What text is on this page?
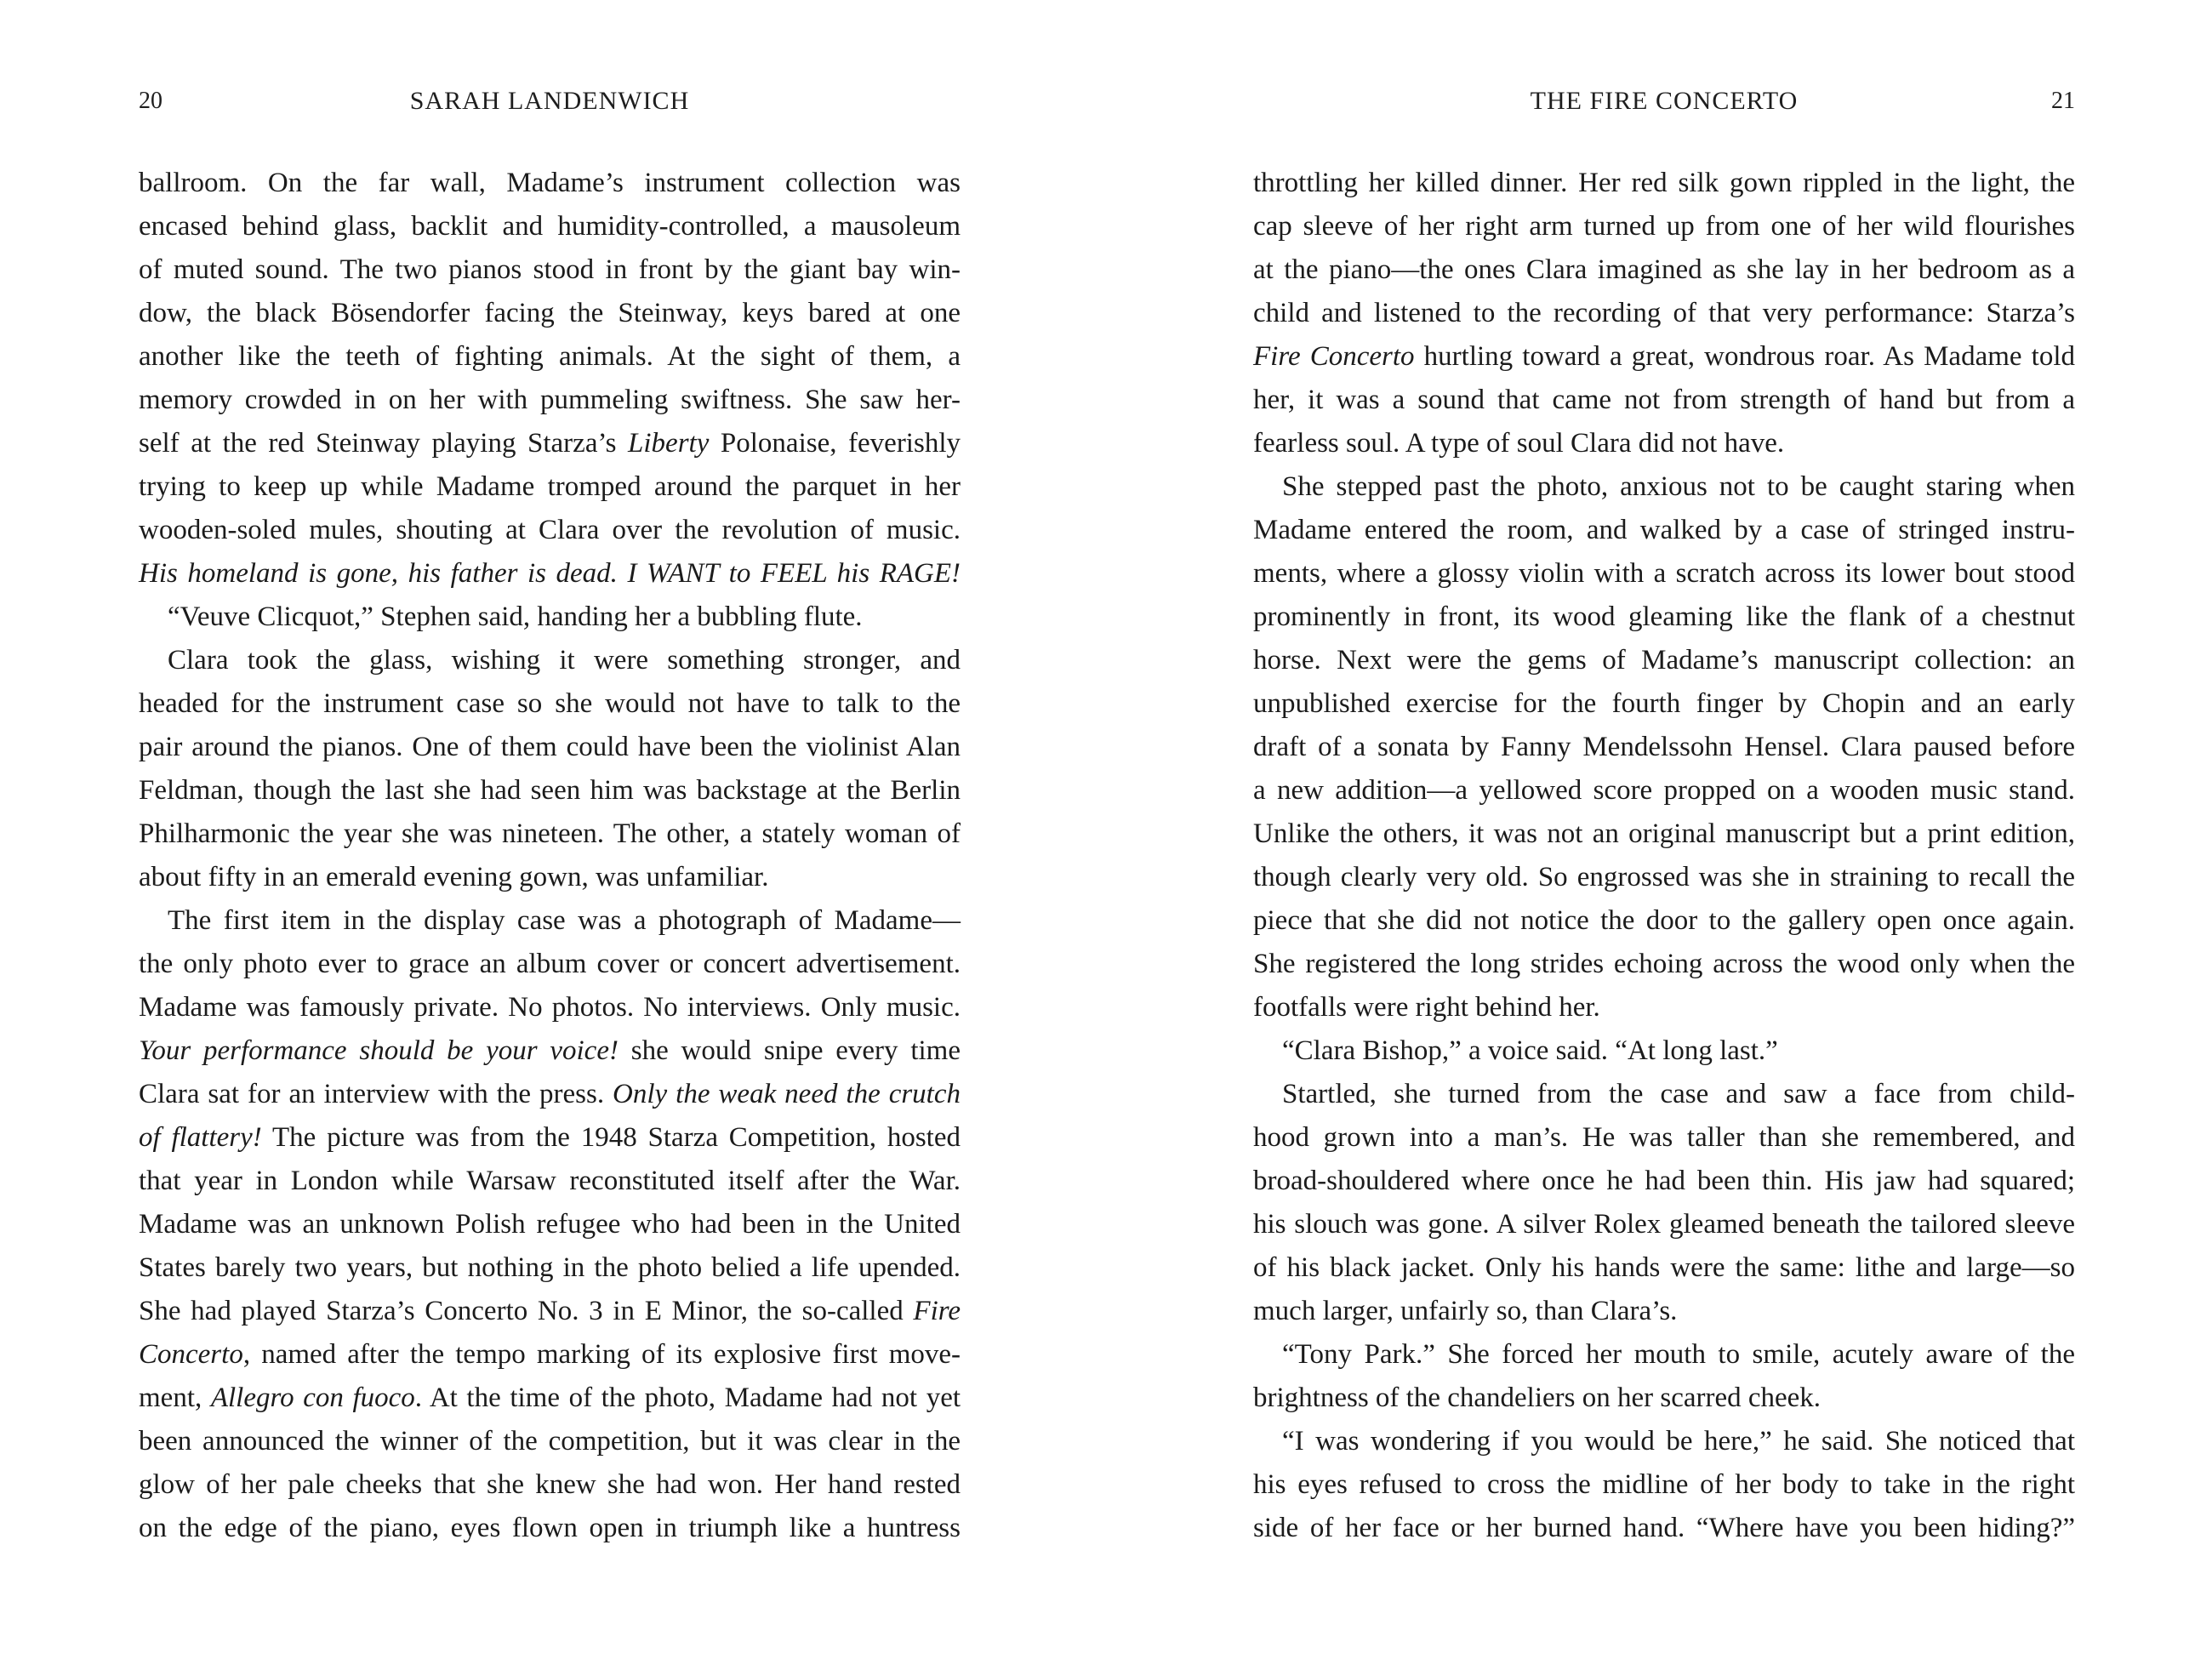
20	SARAH LANDENWICH
ballroom. On the far wall, Madame’s instrument collection was
encased behind glass, backlit and humidity-controlled, a mausoleum
of muted sound. The two pianos stood in front by the giant bay win-
dow, the black Bösendorfer facing the Steinway, keys bared at one
another like the teeth of fighting animals. At the sight of them, a
memory crowded in on her with pummeling swiftness. She saw her-
self at the red Steinway playing Starza’s Liberty Polonaise, feverishly
trying to keep up while Madame tromped around the parquet in her
wooden-soled mules, shouting at Clara over the revolution of music.
His homeland is gone, his father is dead. I WANT to FEEL his RAGE!
“Veuve Clicquot,” Stephen said, handing her a bubbling flute.
Clara took the glass, wishing it were something stronger, and
headed for the instrument case so she would not have to talk to the
pair around the pianos. One of them could have been the violinist Alan
Feldman, though the last she had seen him was backstage at the Berlin
Philharmonic the year she was nineteen. The other, a stately woman of
about fifty in an emerald evening gown, was unfamiliar.
The first item in the display case was a photograph of Madame—
the only photo ever to grace an album cover or concert advertisement.
Madame was famously private. No photos. No interviews. Only music.
Your performance should be your voice! she would snipe every time
Clara sat for an interview with the press. Only the weak need the crutch
of flattery! The picture was from the 1948 Starza Competition, hosted
that year in London while Warsaw reconstituted itself after the War.
Madame was an unknown Polish refugee who had been in the United
States barely two years, but nothing in the photo belied a life upended.
She had played Starza’s Concerto No. 3 in E Minor, the so-called Fire
Concerto, named after the tempo marking of its explosive first move-
ment, Allegro con fuoco. At the time of the photo, Madame had not yet
been announced the winner of the competition, but it was clear in the
glow of her pale cheeks that she knew she had won. Her hand rested
on the edge of the piano, eyes flown open in triumph like a huntress
THE FIRE CONCERTO	21
throttling her killed dinner. Her red silk gown rippled in the light, the
cap sleeve of her right arm turned up from one of her wild flourishes
at the piano—the ones Clara imagined as she lay in her bedroom as a
child and listened to the recording of that very performance: Starza’s
Fire Concerto hurtling toward a great, wondrous roar. As Madame told
her, it was a sound that came not from strength of hand but from a
fearless soul. A type of soul Clara did not have.
She stepped past the photo, anxious not to be caught staring when
Madame entered the room, and walked by a case of stringed instru-
ments, where a glossy violin with a scratch across its lower bout stood
prominently in front, its wood gleaming like the flank of a chestnut
horse. Next were the gems of Madame’s manuscript collection: an
unpublished exercise for the fourth finger by Chopin and an early
draft of a sonata by Fanny Mendelssohn Hensel. Clara paused before
a new addition—a yellowed score propped on a wooden music stand.
Unlike the others, it was not an original manuscript but a print edition,
though clearly very old. So engrossed was she in straining to recall the
piece that she did not notice the door to the gallery open once again.
She registered the long strides echoing across the wood only when the
footfalls were right behind her.
“Clara Bishop,” a voice said. “At long last.”
Startled, she turned from the case and saw a face from child-
hood grown into a man’s. He was taller than she remembered, and
broad-shouldered where once he had been thin. His jaw had squared;
his slouch was gone. A silver Rolex gleamed beneath the tailored sleeve
of his black jacket. Only his hands were the same: lithe and large—so
much larger, unfairly so, than Clara’s.
“Tony Park.” She forced her mouth to smile, acutely aware of the
brightness of the chandeliers on her scarred cheek.
“I was wondering if you would be here,” he said. She noticed that
his eyes refused to cross the midline of her body to take in the right
side of her face or her burned hand. “Where have you been hiding?”
